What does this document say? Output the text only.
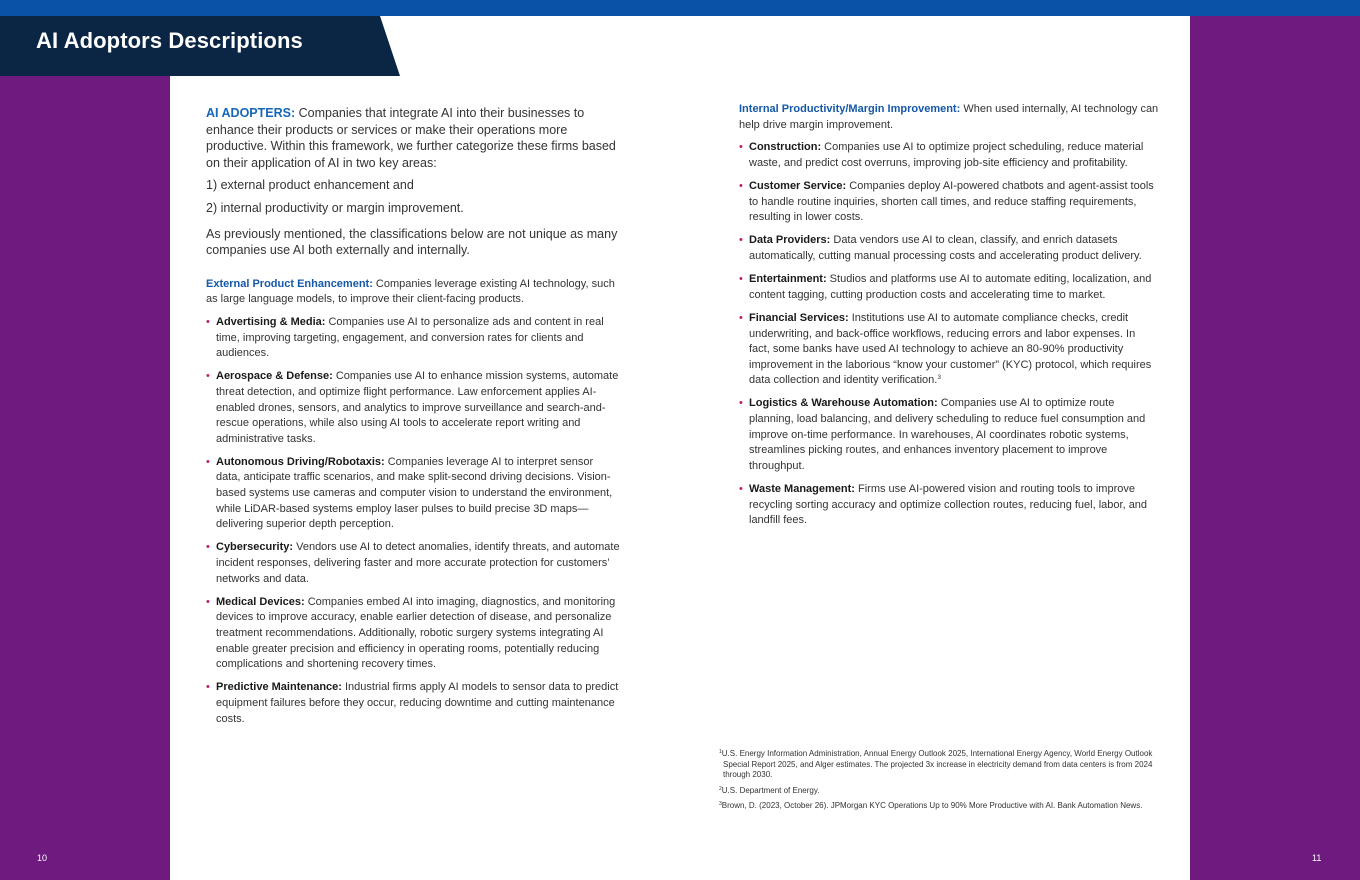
AI Adoptors Descriptions
10	11

AI ADOPTERS: Companies that integrate AI into their businesses to enhance their products or services or make their operations more productive. Within this framework, we further categorize these firms based on their application of AI in two key areas:

1) external product enhancement and

2) internal productivity or margin improvement.

As previously mentioned, the classifications below are not unique as many companies use AI both externally and internally.

External Product Enhancement: Companies leverage existing AI technology, such as large language models, to improve their client-facing products.

• Advertising & Media: Companies use AI to personalize ads and content in real time, improving targeting, engagement, and conversion rates for clients and audiences.
• Aerospace & Defense: Companies use AI to enhance mission systems, automate threat detection, and optimize flight performance. Law enforcement applies AI-enabled drones, sensors, and analytics to improve surveillance and search-and-rescue operations, while also using AI tools to accelerate report writing and administrative tasks.
• Autonomous Driving/Robotaxis: Companies leverage AI to interpret sensor data, anticipate traffic scenarios, and make split-second driving decisions. Vision-based systems use cameras and computer vision to understand the environment, while LiDAR-based systems employ laser pulses to build precise 3D maps—delivering superior depth perception.
• Cybersecurity: Vendors use AI to detect anomalies, identify threats, and automate incident responses, delivering faster and more accurate protection for customers’ networks and data.
• Medical Devices: Companies embed AI into imaging, diagnostics, and monitoring devices to improve accuracy, enable earlier detection of disease, and personalize treatment recommendations. Additionally, robotic surgery systems integrating AI enable greater precision and efficiency in operating rooms, potentially reducing complications and shortening recovery times.
• Predictive Maintenance: Industrial firms apply AI models to sensor data to predict equipment failures before they occur, reducing downtime and cutting maintenance costs.

Internal Productivity/Margin Improvement: When used internally, AI technology can help drive margin improvement.

• Construction: Companies use AI to optimize project scheduling, reduce material waste, and predict cost overruns, improving job-site efficiency and profitability.
• Customer Service: Companies deploy AI-powered chatbots and agent-assist tools to handle routine inquiries, shorten call times, and reduce staffing requirements, resulting in lower costs.
• Data Providers: Data vendors use AI to clean, classify, and enrich datasets automatically, cutting manual processing costs and accelerating product delivery.
• Entertainment: Studios and platforms use AI to automate editing, localization, and content tagging, cutting production costs and accelerating time to market.
• Financial Services: Institutions use AI to automate compliance checks, credit underwriting, and back-office workflows, reducing errors and labor expenses. In fact, some banks have used AI technology to achieve an 80-90% productivity improvement in the laborious “know your customer” (KYC) protocol, which requires data collection and identity verification.$^3$
• Logistics & Warehouse Automation: Companies use AI to optimize route planning, load balancing, and delivery scheduling to reduce fuel consumption and improve on-time performance. In warehouses, AI coordinates robotic systems, streamlines picking routes, and enhances inventory placement to improve throughput.
• Waste Management: Firms use AI-powered vision and routing tools to improve recycling sorting accuracy and optimize collection routes, reducing fuel, labor, and landfill fees.

$^1$U.S. Energy Information Administration, Annual Energy Outlook 2025, International Energy Agency, World Energy Outlook Special Report 2025, and Alger estimates. The projected 3x increase in electricity demand from data centers is from 2024 through 2030.

$^2$U.S. Department of Energy.

$^3$Brown, D. (2023, October 26). JPMorgan KYC Operations Up to 90% More Productive with AI. Bank Automation News.
